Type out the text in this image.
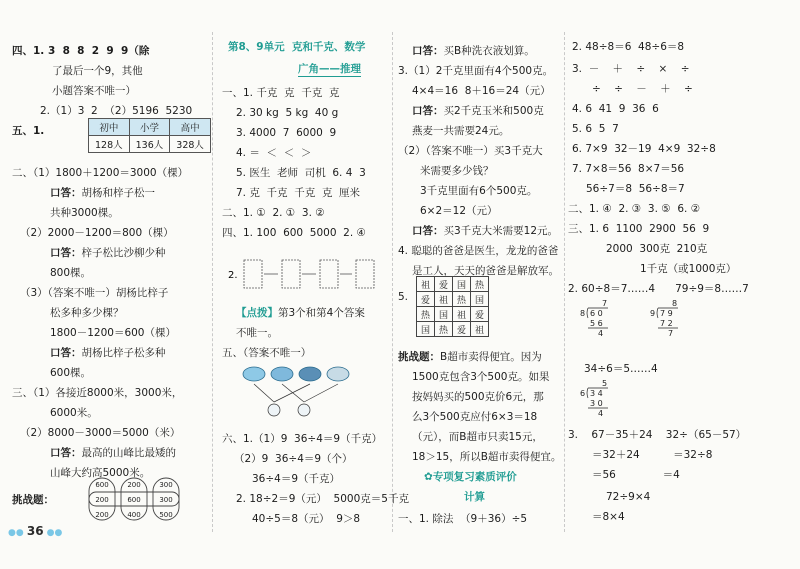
四、1. 3  8  8  2  9  9（除
了最后一个9，其他
小题答案不唯一）
2.（1）3  2  （2）5196  5230
五、1.	初中	小学	高中
128人	136人	328人
二、（1）1800＋1200＝3000（棵）
口答：胡杨和梓子松一
共种3000棵。
（2）2000－1200＝800（棵）
口答：梓子松比沙柳少种
800棵。
（3）（答案不唯一）胡杨比梓子
松多种多少棵？
1800－1200＝600（棵）
口答：胡杨比梓子松多种
600棵。
三、（1）各接近8000米，3000米，
6000米。
（2）8000－3000＝5000（米）
口答：最高的山峰比最矮的
山峰大约高5000米。
挑战题：
600	200	300
200	600	300
200	400	500
第8、9单元  克和千克、数学
广角——推理
一、1. 千克  克  千克  克
2. 30 kg  5 kg  40 g
3. 4000  7  6000  9
4. ＝  ＜  ＜  ＞
5. 医生  老师  司机  6. 4  3
7. 克  千克  千克  克  厘米
二、1. ①  2. ①  3. ②
四、1. 100  600  5000  2. ④
2.
【点拨】第3个和第4个答案
不唯一。
五、（答案不唯一）
六、1.（1）9  36÷4＝9（千克）
（2）9  36÷4＝9（个）
36÷4＝9（千克）
2. 18÷2＝9（元）  5000克＝5千克
40÷5＝8（元）  9＞8
口答：买B种洗衣液划算。
3.（1）2千克里面有4个500克。
4×4＝16  8＋16＝24（元）
口答：买2千克玉米和500克
燕麦一共需要24元。
（2）（答案不唯一）买3千克大
米需要多少钱？
3千克里面有6个500克。
6×2＝12（元）
口答：买3千克大米需要12元。
4. 聪聪的爸爸是医生，龙龙的爸爸
是工人，天天的爸爸是解放军。
5.
祖	爱	国	热
爱	祖	热	国
热	国	祖	爱
国	热	爱	祖
挑战题：B超市卖得便宜。因为
1500克包含3个500克。如果
按妈妈买的500克价6元，那
么3个500克应付6×3＝18
（元），而B超市只卖15元，
18＞15，所以B超市卖得便宜。
✿专项复习素质评价
计算
一、1. 除法  （9＋36）÷5
2. 48÷8＝6  48÷6＝8
3.  －    ＋    ÷    ×    ÷
÷    ÷    －    ＋    ÷
4. 6  41  9  36  6
5. 6  5  7
6. 7×9  32－19  4×9  32÷8
7. 7×8＝56  8×7＝56
56÷7＝8  56÷8＝7
二、1. ④  2. ③  3. ⑤  6. ②
三、1. 6  1100  2900  56  9
2000  300克  210克
1千克（或1000克）
2. 60÷8＝7……4      79÷9＝8……7
7
8 6 0
5 6
4
8
9 7 9
7 2
7
34÷6＝5……4
5
6 3 4
3 0
4
3.    67－35＋24    32÷（65－57）
＝32＋24          ＝32÷8
＝56              ＝4
72÷9×4
＝8×4
●● 36 ●●
